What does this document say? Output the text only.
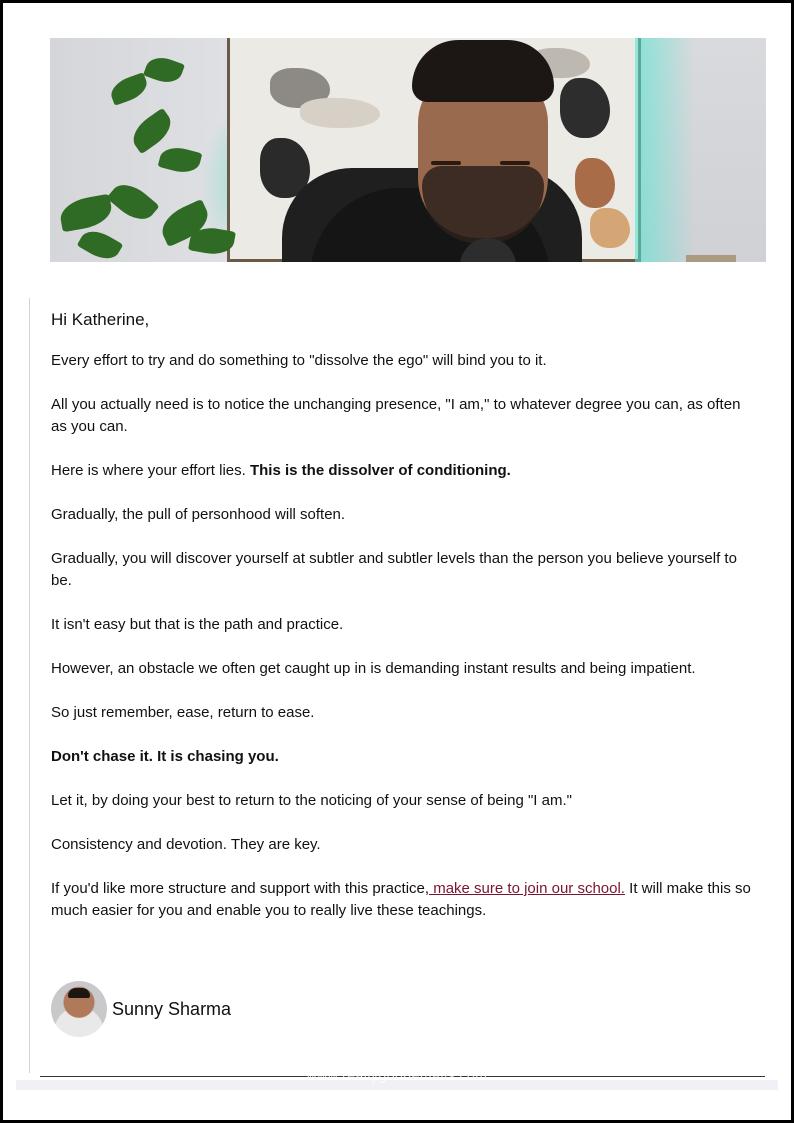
Hi Katherine,

Every effort to try and do something to "dissolve the ego" will bind you to it.

All you actually need is to notice the unchanging presence, "I am," to whatever degree you can, as often as you can.

Here is where your effort lies. This is the dissolver of conditioning.

Gradually, the pull of personhood will soften.

Gradually, you will discover yourself at subtler and subtler levels than the person you believe yourself to be.

It isn't easy but that is the path and practice.

However, an obstacle we often get caught up in is demanding instant results and being impatient.

So just remember, ease, return to ease.

Don't chase it. It is chasing you.

Let it, by doing your best to return to the noticing of your sense of being "I am."

Consistency and devotion. They are key.

If you'd like more structure and support with this practice, make sure to join our school. It will make this so much easier for you and enable you to really live these teachings.

Sunny Sharma
www.reallygoodemails.com
